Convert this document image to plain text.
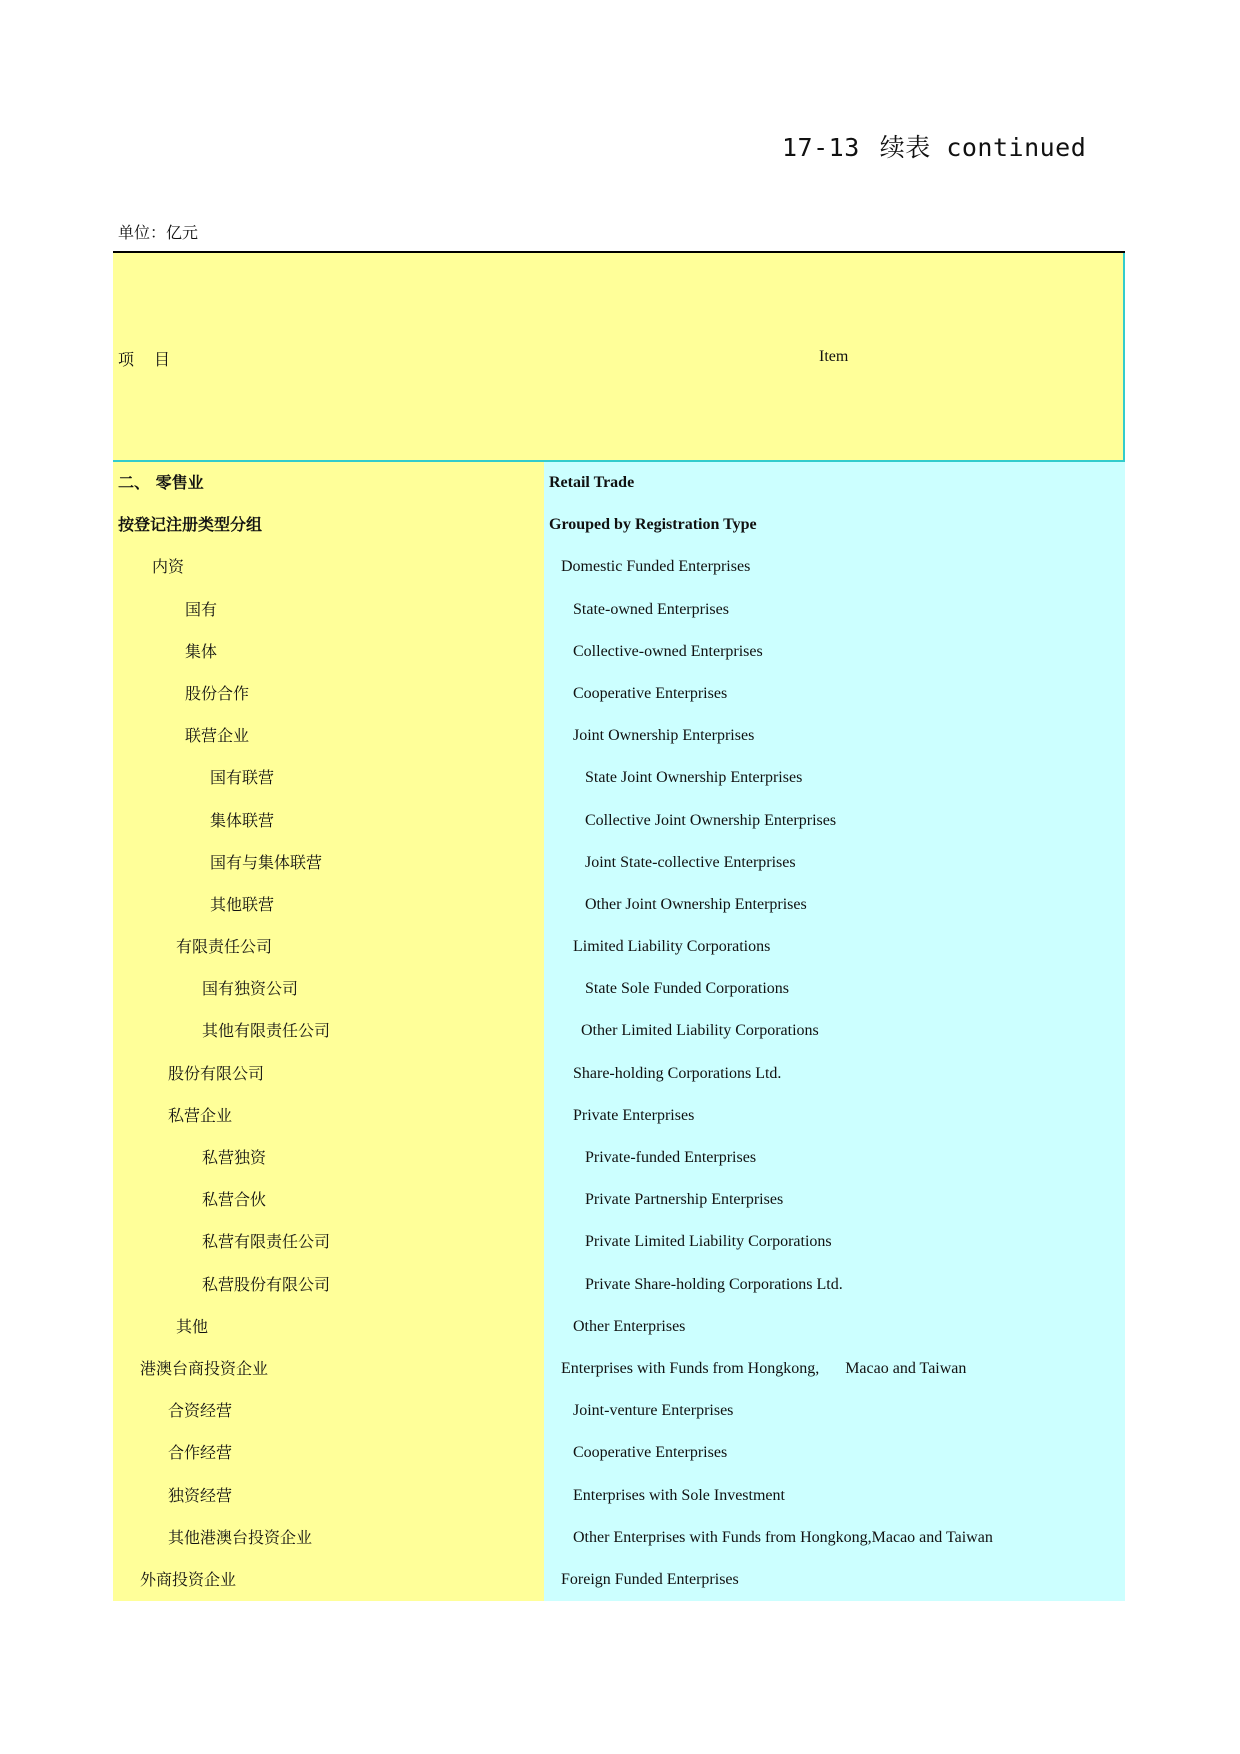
17-13 续表 continued
单位：亿元
项 目	Item
二、 零售业	Retail Trade
按登记注册类型分组	Grouped by Registration Type
内资	Domestic Funded Enterprises
国有	State-owned Enterprises
集体	Collective-owned Enterprises
股份合作	Cooperative Enterprises
联营企业	Joint Ownership Enterprises
国有联营	State Joint Ownership Enterprises
集体联营	Collective Joint Ownership Enterprises
国有与集体联营	Joint State-collective Enterprises
其他联营	Other Joint Ownership Enterprises
有限责任公司	Limited Liability Corporations
国有独资公司	State Sole Funded Corporations
其他有限责任公司	Other Limited Liability Corporations
股份有限公司	Share-holding Corporations Ltd.
私营企业	Private Enterprises
私营独资	Private-funded Enterprises
私营合伙	Private Partnership Enterprises
私营有限责任公司	Private Limited Liability Corporations
私营股份有限公司	Private Share-holding Corporations Ltd.
其他	Other Enterprises
港澳台商投资企业	Enterprises with Funds from Hongkong, Macao and Taiwan
合资经营	Joint-venture Enterprises
合作经营	Cooperative Enterprises
独资经营	Enterprises with Sole Investment
其他港澳台投资企业	Other Enterprises with Funds from Hongkong,Macao and Taiwan
外商投资企业	Foreign Funded Enterprises
